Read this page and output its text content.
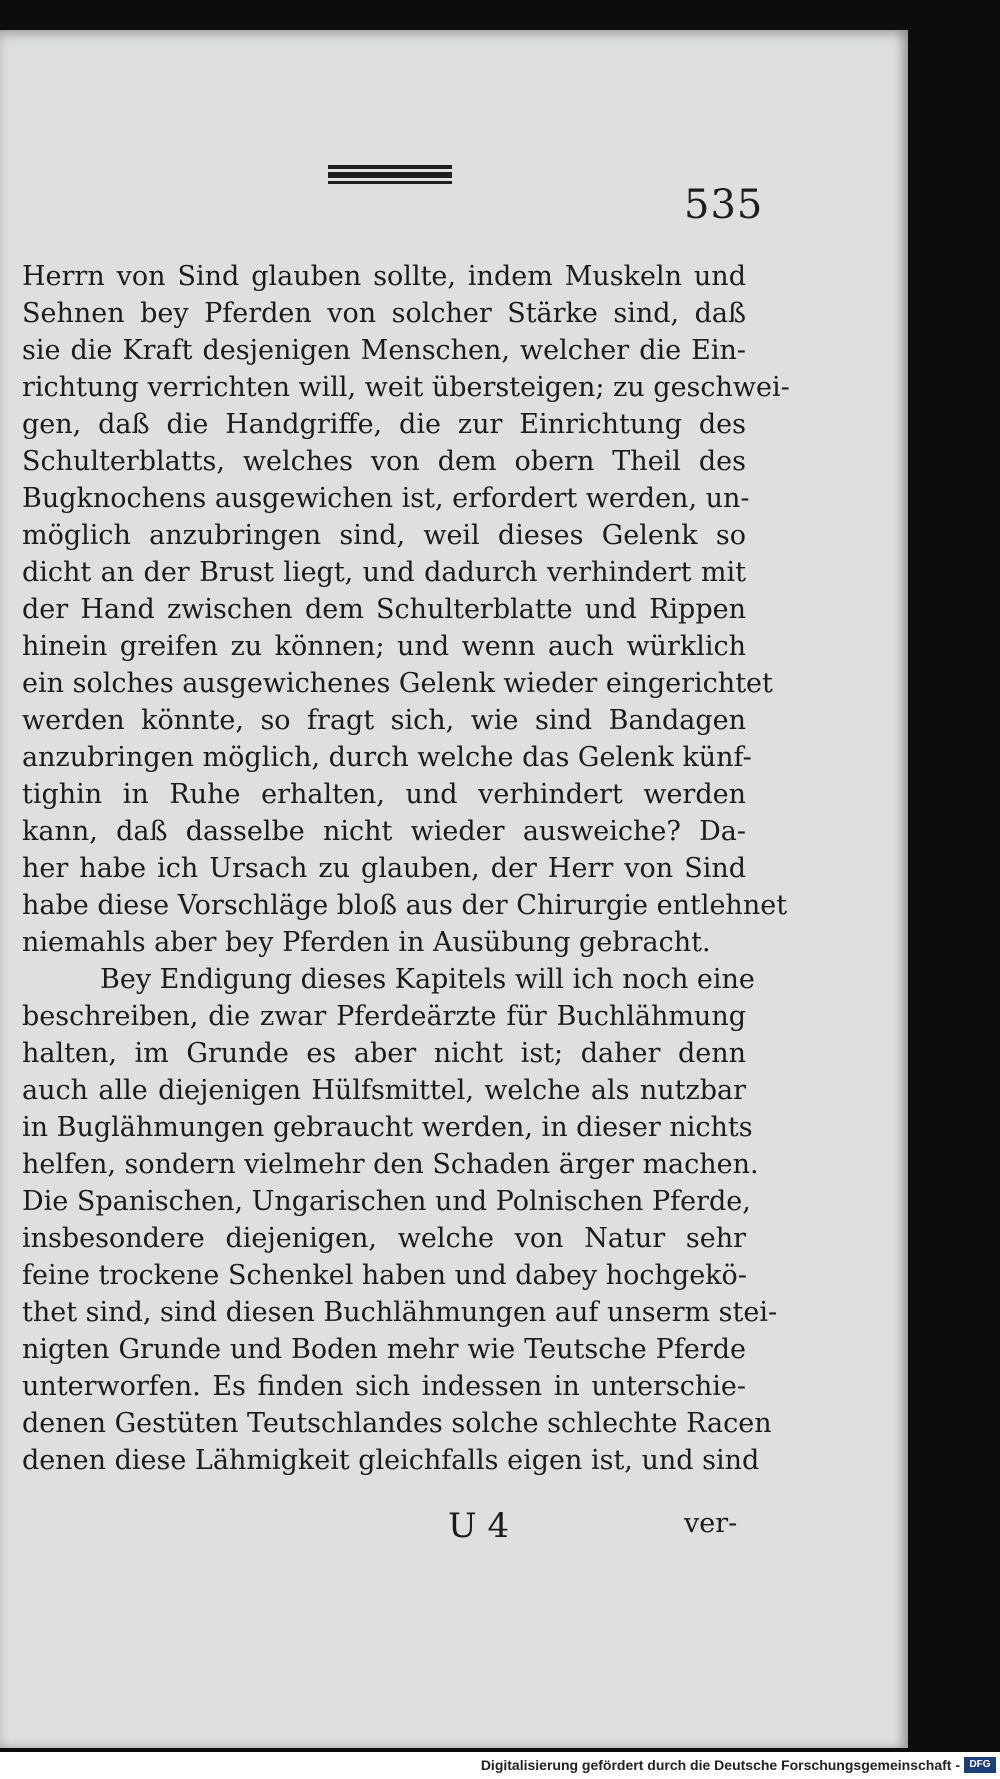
535
Herrn von Sind glauben sollte, indem Muskeln und
Sehnen bey Pferden von solcher Stärke sind, daß
sie die Kraft desjenigen Menschen, welcher die Ein-
richtung verrichten will, weit übersteigen; zu geschwei-
gen, daß die Handgriffe, die zur Einrichtung des
Schulterblatts, welches von dem obern Theil des
Bugknochens ausgewichen ist, erfordert werden, un-
möglich anzubringen sind, weil dieses Gelenk so
dicht an der Brust liegt, und dadurch verhindert mit
der Hand zwischen dem Schulterblatte und Rippen
hinein greifen zu können; und wenn auch würklich
ein solches ausgewichenes Gelenk wieder eingerichtet
werden könnte, so fragt sich, wie sind Bandagen
anzubringen möglich, durch welche das Gelenk künf-
tighin in Ruhe erhalten, und verhindert werden
kann, daß dasselbe nicht wieder ausweiche? Da-
her habe ich Ursach zu glauben, der Herr von Sind
habe diese Vorschläge bloß aus der Chirurgie entlehnet
niemahls aber bey Pferden in Ausübung gebracht.
Bey Endigung dieses Kapitels will ich noch eine
beschreiben, die zwar Pferdeärzte für Buchlähmung
halten, im Grunde es aber nicht ist; daher denn
auch alle diejenigen Hülfsmittel, welche als nutzbar
in Buglähmungen gebraucht werden, in dieser nichts
helfen, sondern vielmehr den Schaden ärger machen.
Die Spanischen, Ungarischen und Polnischen Pferde,
insbesondere diejenigen, welche von Natur sehr
feine trockene Schenkel haben und dabey hochgekö-
thet sind, sind diesen Buchlähmungen auf unserm stei-
nigten Grunde und Boden mehr wie Teutsche Pferde
unterworfen. Es finden sich indessen in unterschie-
denen Gestüten Teutschlandes solche schlechte Racen
denen diese Lähmigkeit gleichfalls eigen ist, und sind
U 4	ver-
Digitalisierung gefördert durch die Deutsche Forschungsgemeinschaft - DFG
